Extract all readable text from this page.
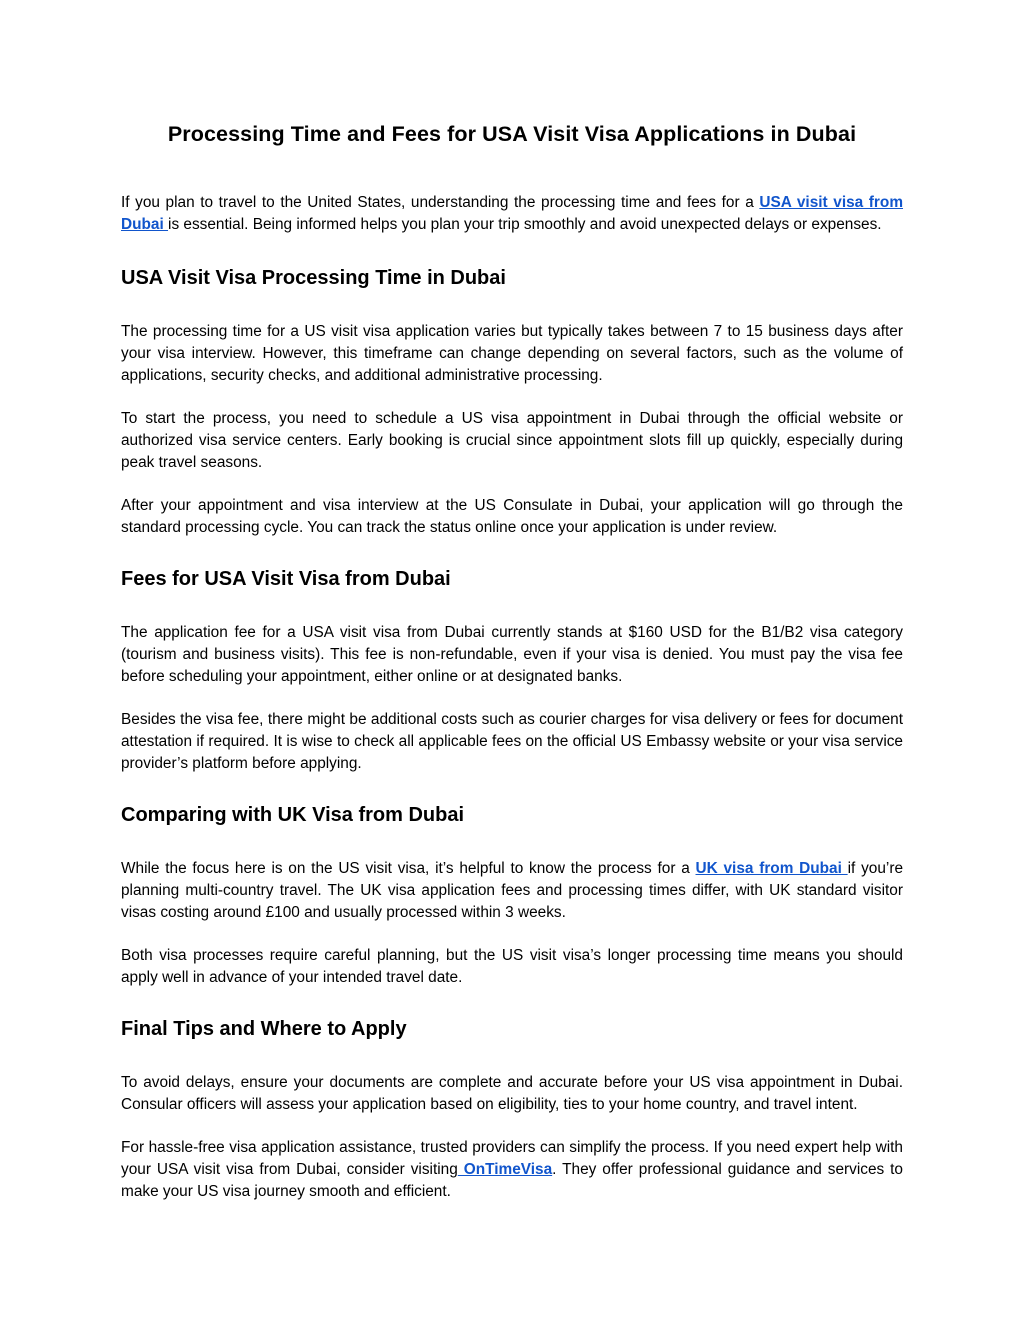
Processing Time and Fees for USA Visit Visa Applications in Dubai

If you plan to travel to the United States, understanding the processing time and fees for a USA visit visa from Dubai is essential. Being informed helps you plan your trip smoothly and avoid unexpected delays or expenses.

USA Visit Visa Processing Time in Dubai

The processing time for a US visit visa application varies but typically takes between 7 to 15 business days after your visa interview. However, this timeframe can change depending on several factors, such as the volume of applications, security checks, and additional administrative processing.

To start the process, you need to schedule a US visa appointment in Dubai through the official website or authorized visa service centers. Early booking is crucial since appointment slots fill up quickly, especially during peak travel seasons.

After your appointment and visa interview at the US Consulate in Dubai, your application will go through the standard processing cycle. You can track the status online once your application is under review.

Fees for USA Visit Visa from Dubai

The application fee for a USA visit visa from Dubai currently stands at $160 USD for the B1/B2 visa category (tourism and business visits). This fee is non-refundable, even if your visa is denied. You must pay the visa fee before scheduling your appointment, either online or at designated banks.

Besides the visa fee, there might be additional costs such as courier charges for visa delivery or fees for document attestation if required. It is wise to check all applicable fees on the official US Embassy website or your visa service provider’s platform before applying.

Comparing with UK Visa from Dubai

While the focus here is on the US visit visa, it’s helpful to know the process for a UK visa from Dubai if you’re planning multi-country travel. The UK visa application fees and processing times differ, with UK standard visitor visas costing around £100 and usually processed within 3 weeks.

Both visa processes require careful planning, but the US visit visa’s longer processing time means you should apply well in advance of your intended travel date.

Final Tips and Where to Apply

To avoid delays, ensure your documents are complete and accurate before your US visa appointment in Dubai. Consular officers will assess your application based on eligibility, ties to your home country, and travel intent.

For hassle-free visa application assistance, trusted providers can simplify the process. If you need expert help with your USA visit visa from Dubai, consider visiting OnTimeVisa. They offer professional guidance and services to make your US visa journey smooth and efficient.
